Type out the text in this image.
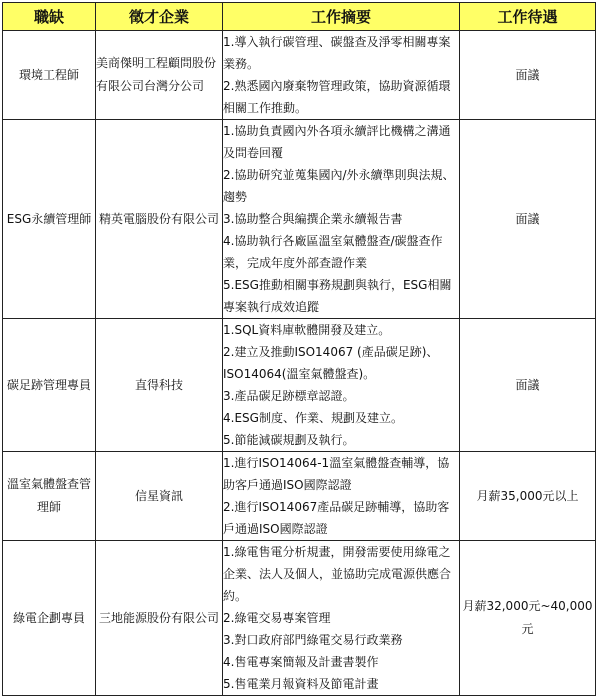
職缺	徵才企業	工作摘要	工作待遇
環境工程師	美商傑明工程顧問股份有限公司台灣分公司	1.導入執行碳管理、碳盤查及淨零相關專案業務。
2.熟悉國內廢棄物管理政策，協助資源循環相關工作推動。	面議
ESG永續管理師	精英電腦股份有限公司	1.協助負責國內外各項永續評比機構之溝通及問卷回覆
2.協助研究並蒐集國內/外永續準則與法規、趨勢
3.協助整合與編撰企業永續報告書
4.協助執行各廠區溫室氣體盤查/碳盤查作業，完成年度外部查證作業
5.ESG推動相關事務規劃與執行，ESG相關專案執行成效追蹤	面議
碳足跡管理專員	直得科技	1.SQL資料庫軟體開發及建立。
2.建立及推動ISO14067 (產品碳足跡)、ISO14064(溫室氣體盤查)。
3.產品碳足跡標章認證。
4.ESG制度、作業、規劃及建立。
5.節能減碳規劃及執行。	面議
溫室氣體盤查管理師	信星資訊	1.進行ISO14064-1溫室氣體盤查輔導，協助客戶通過ISO國際認證
2.進行ISO14067產品碳足跡輔導，協助客戶通過ISO國際認證	月薪35,000元以上
綠電企劃專員	三地能源股份有限公司	1.綠電售電分析規畫，開發需要使用綠電之企業、法人及個人，並協助完成電源供應合約。
2.綠電交易專案管理
3.對口政府部門綠電交易行政業務
4.售電專案簡報及計畫書製作
5.售電業月報資料及節電計畫	月薪32,000元~40,000元
